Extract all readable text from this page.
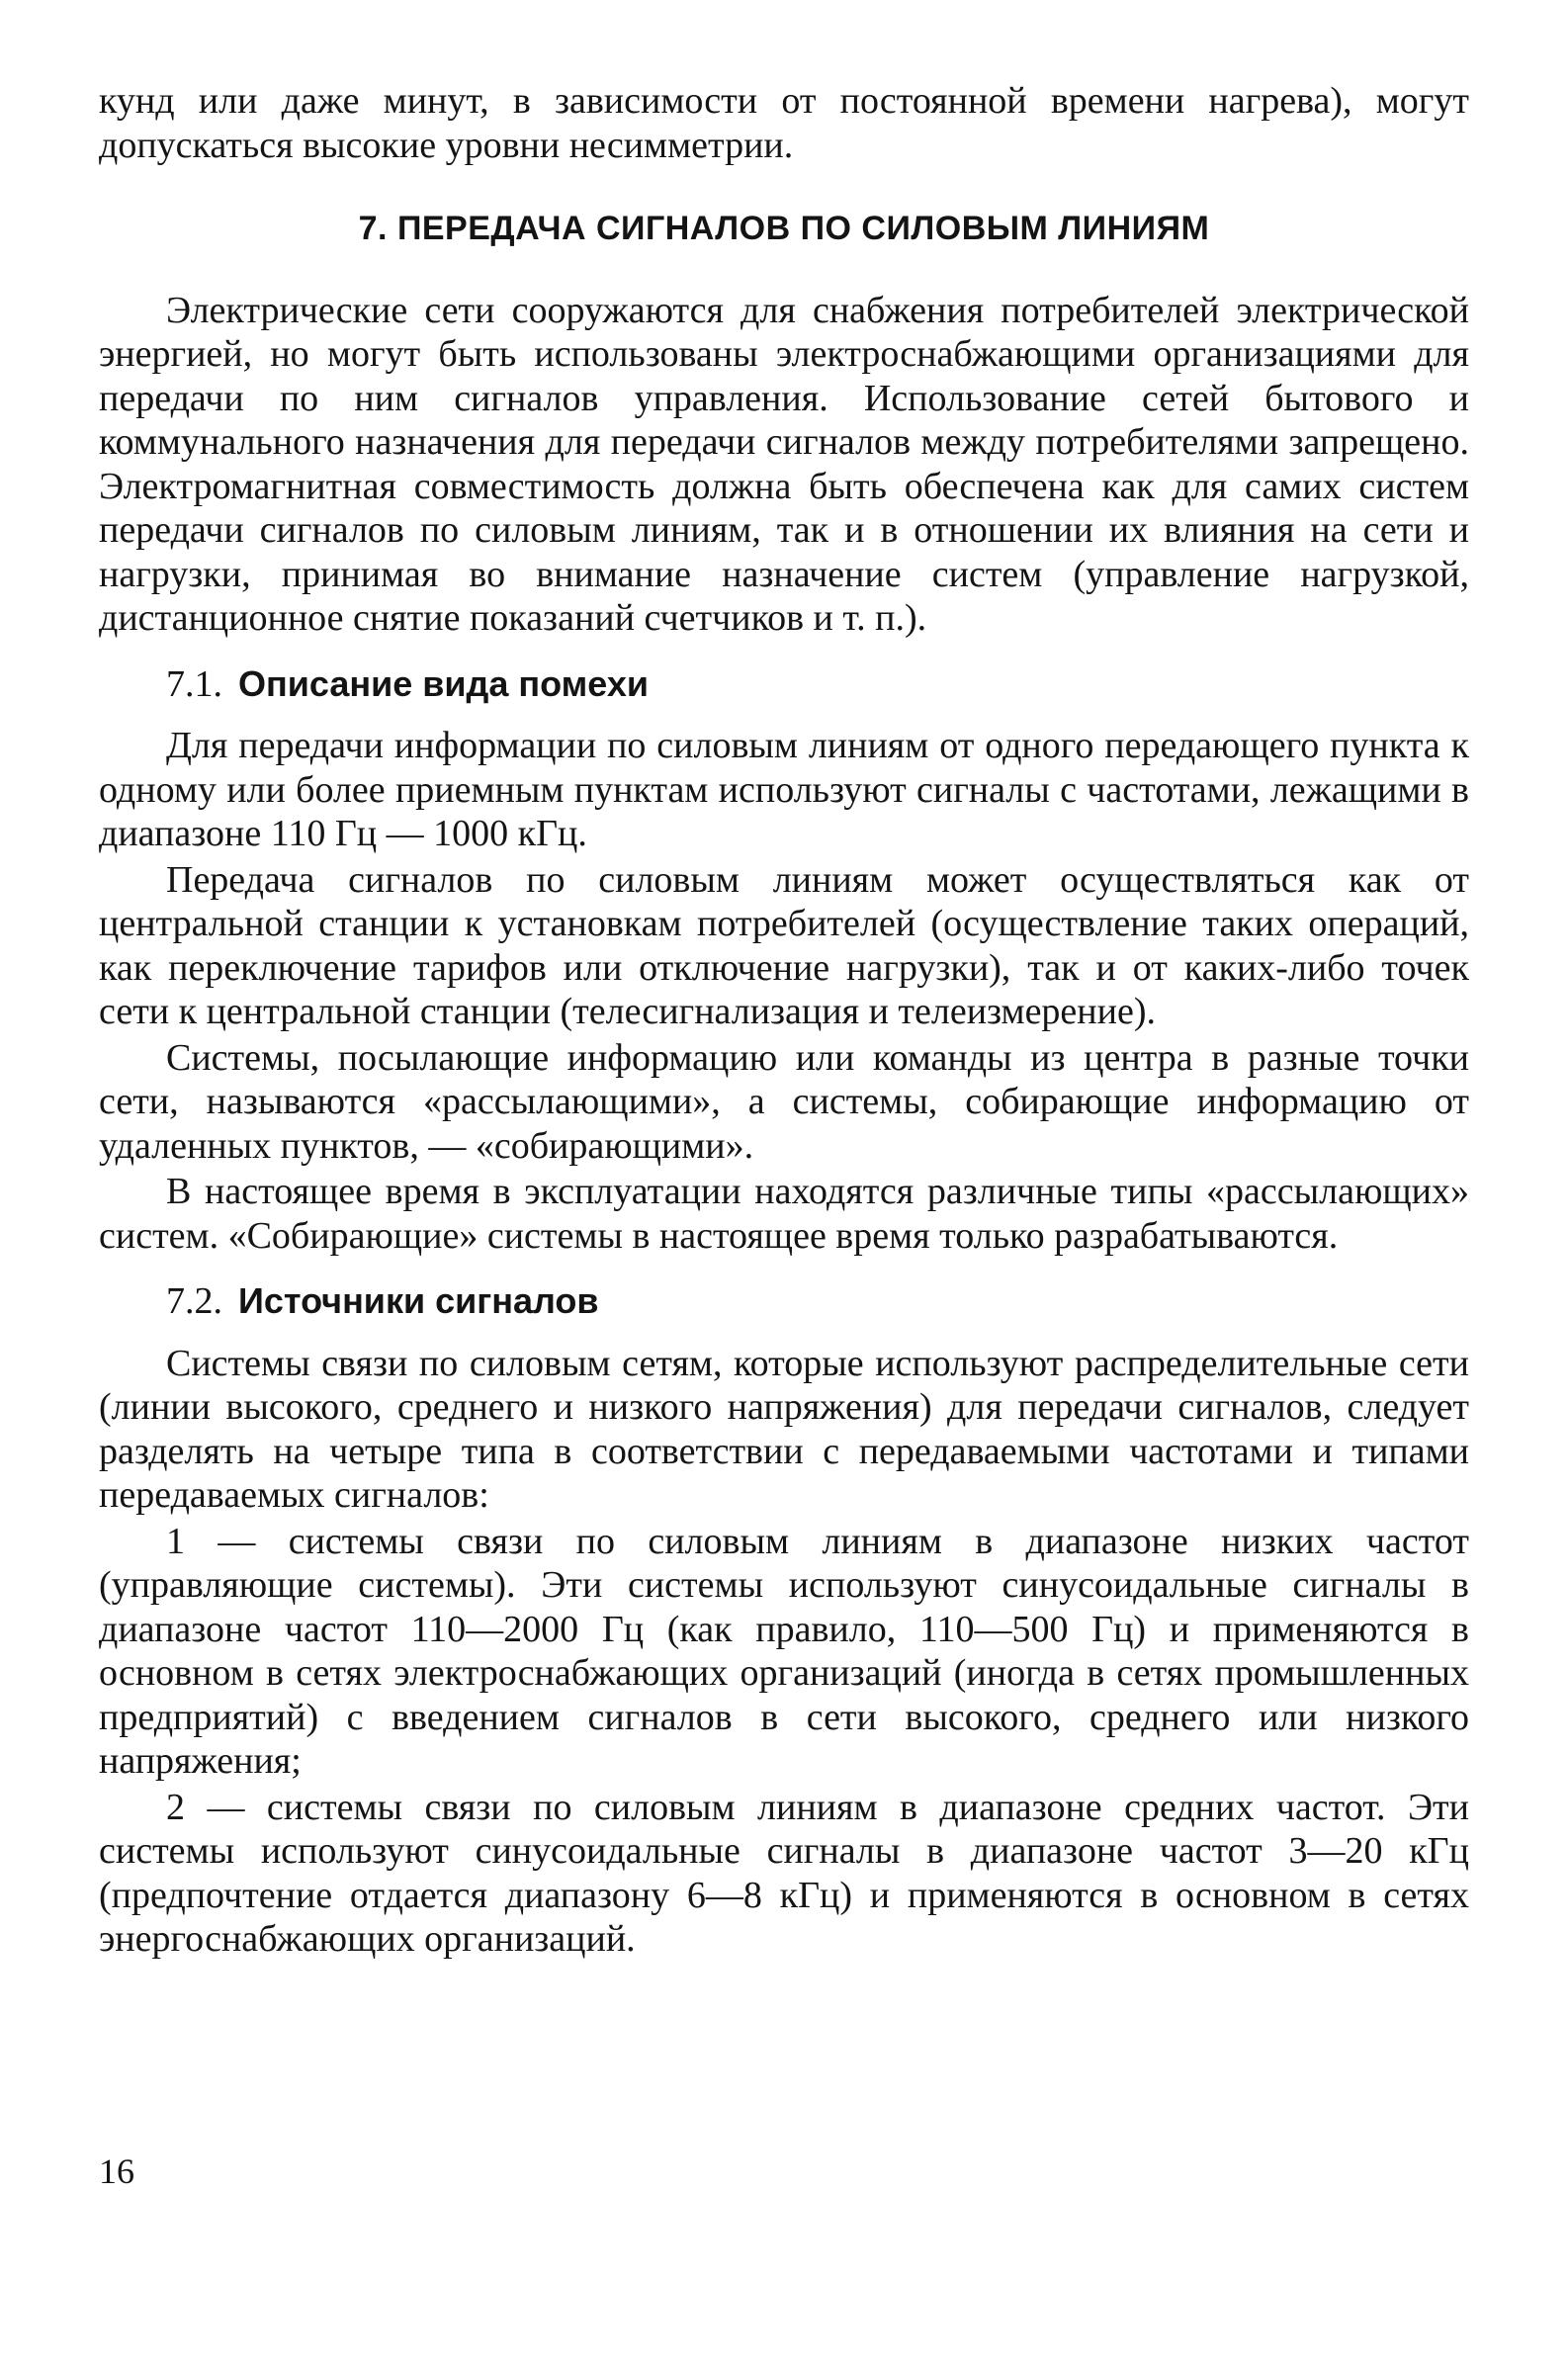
кунд или даже минут, в зависимости от постоянной времени нагрева), могут допускаться высокие уровни несимметрии.

7. ПЕРЕДАЧА СИГНАЛОВ ПО СИЛОВЫМ ЛИНИЯМ

Электрические сети сооружаются для снабжения потребителей электрической энергией, но могут быть использованы электроснабжающими организациями для передачи по ним сигналов управления. Использование сетей бытового и коммунального назначения для передачи сигналов между потребителями запрещено. Электромагнитная совместимость должна быть обеспечена как для самих систем передачи сигналов по силовым линиям, так и в отношении их влияния на сети и нагрузки, принимая во внимание назначение систем (управление нагрузкой, дистанционное снятие показаний счетчиков и т. п.).

7.1. Описание вида помехи

Для передачи информации по силовым линиям от одного передающего пункта к одному или более приемным пунктам используют сигналы с частотами, лежащими в диапазоне 110 Гц — 1000 кГц.

Передача сигналов по силовым линиям может осуществляться как от центральной станции к установкам потребителей (осуществление таких операций, как переключение тарифов или отключение нагрузки), так и от каких-либо точек сети к центральной станции (телесигнализация и телеизмерение).

Системы, посылающие информацию или команды из центра в разные точки сети, называются «рассылающими», а системы, собирающие информацию от удаленных пунктов, — «собирающими».

В настоящее время в эксплуатации находятся различные типы «рассылающих» систем. «Собирающие» системы в настоящее время только разрабатываются.

7.2. Источники сигналов

Системы связи по силовым сетям, которые используют распределительные сети (линии высокого, среднего и низкого напряжения) для передачи сигналов, следует разделять на четыре типа в соответствии с передаваемыми частотами и типами передаваемых сигналов:

1 — системы связи по силовым линиям в диапазоне низких частот (управляющие системы). Эти системы используют синусоидальные сигналы в диапазоне частот 110—2000 Гц (как правило, 110—500 Гц) и применяются в основном в сетях электроснабжающих организаций (иногда в сетях промышленных предприятий) с введением сигналов в сети высокого, среднего или низкого напряжения;

2 — системы связи по силовым линиям в диапазоне средних частот. Эти системы используют синусоидальные сигналы в диапазоне частот 3—20 кГц (предпочтение отдается диапазону 6—8 кГц) и применяются в основном в сетях энергоснабжающих организаций.

16
